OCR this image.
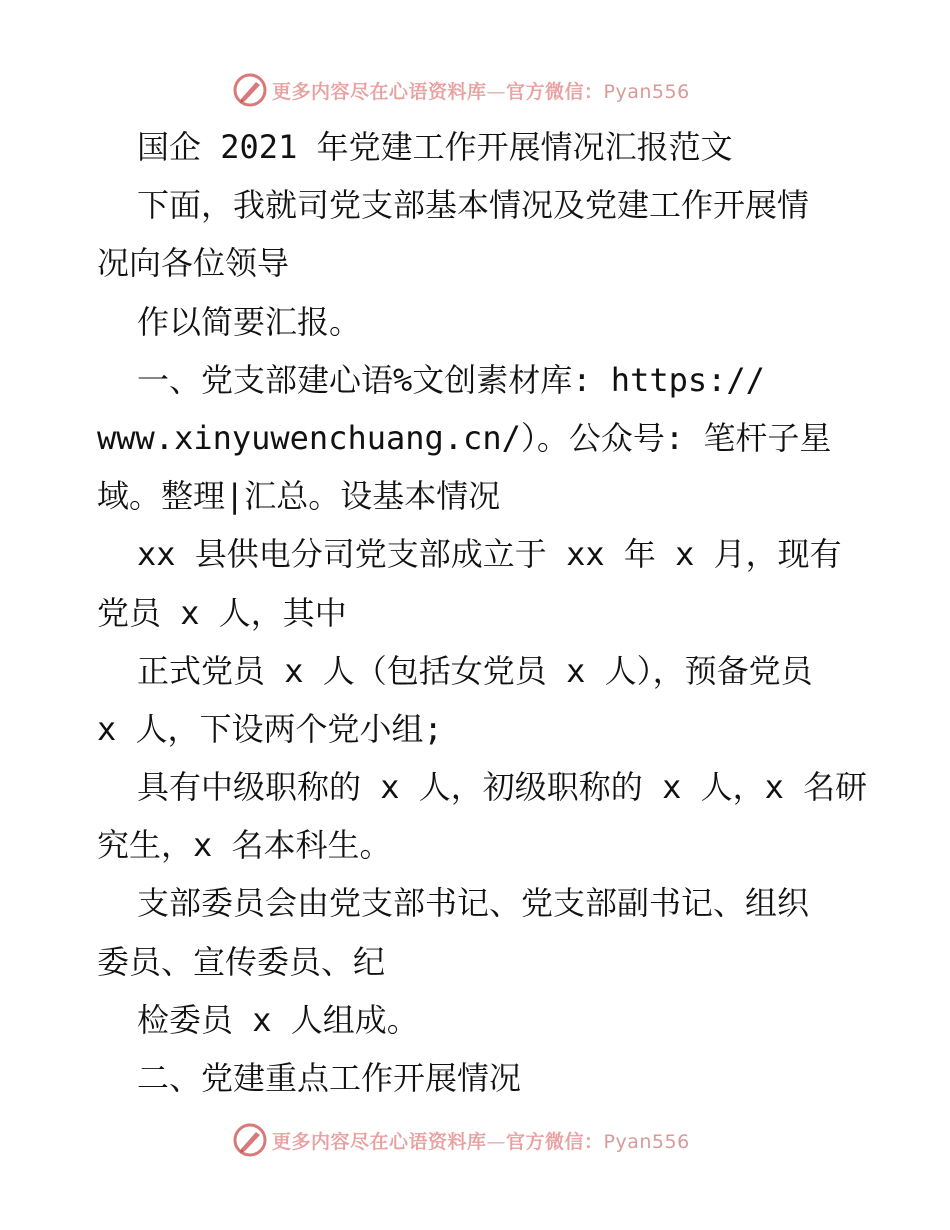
更多内容尽在心语资料库—官方微信：Pyan556
国企 2021 年党建工作开展情况汇报范文
下面，我就司党支部基本情况及党建工作开展情
况向各位领导
作以简要汇报。
一、党支部建心语%文创素材库: https://
www.xinyuwenchuang.cn/）。公众号: 笔杆子星
域。整理|汇总。设基本情况
xx 县供电分司党支部成立于 xx 年 x 月，现有
党员 x 人，其中
正式党员 x 人（包括女党员 x 人），预备党员
x 人，下设两个党小组;
具有中级职称的 x 人，初级职称的 x 人，x 名研
究生，x 名本科生。
支部委员会由党支部书记、党支部副书记、组织
委员、宣传委员、纪
检委员 x 人组成。
二、党建重点工作开展情况
更多内容尽在心语资料库—官方微信：Pyan556
